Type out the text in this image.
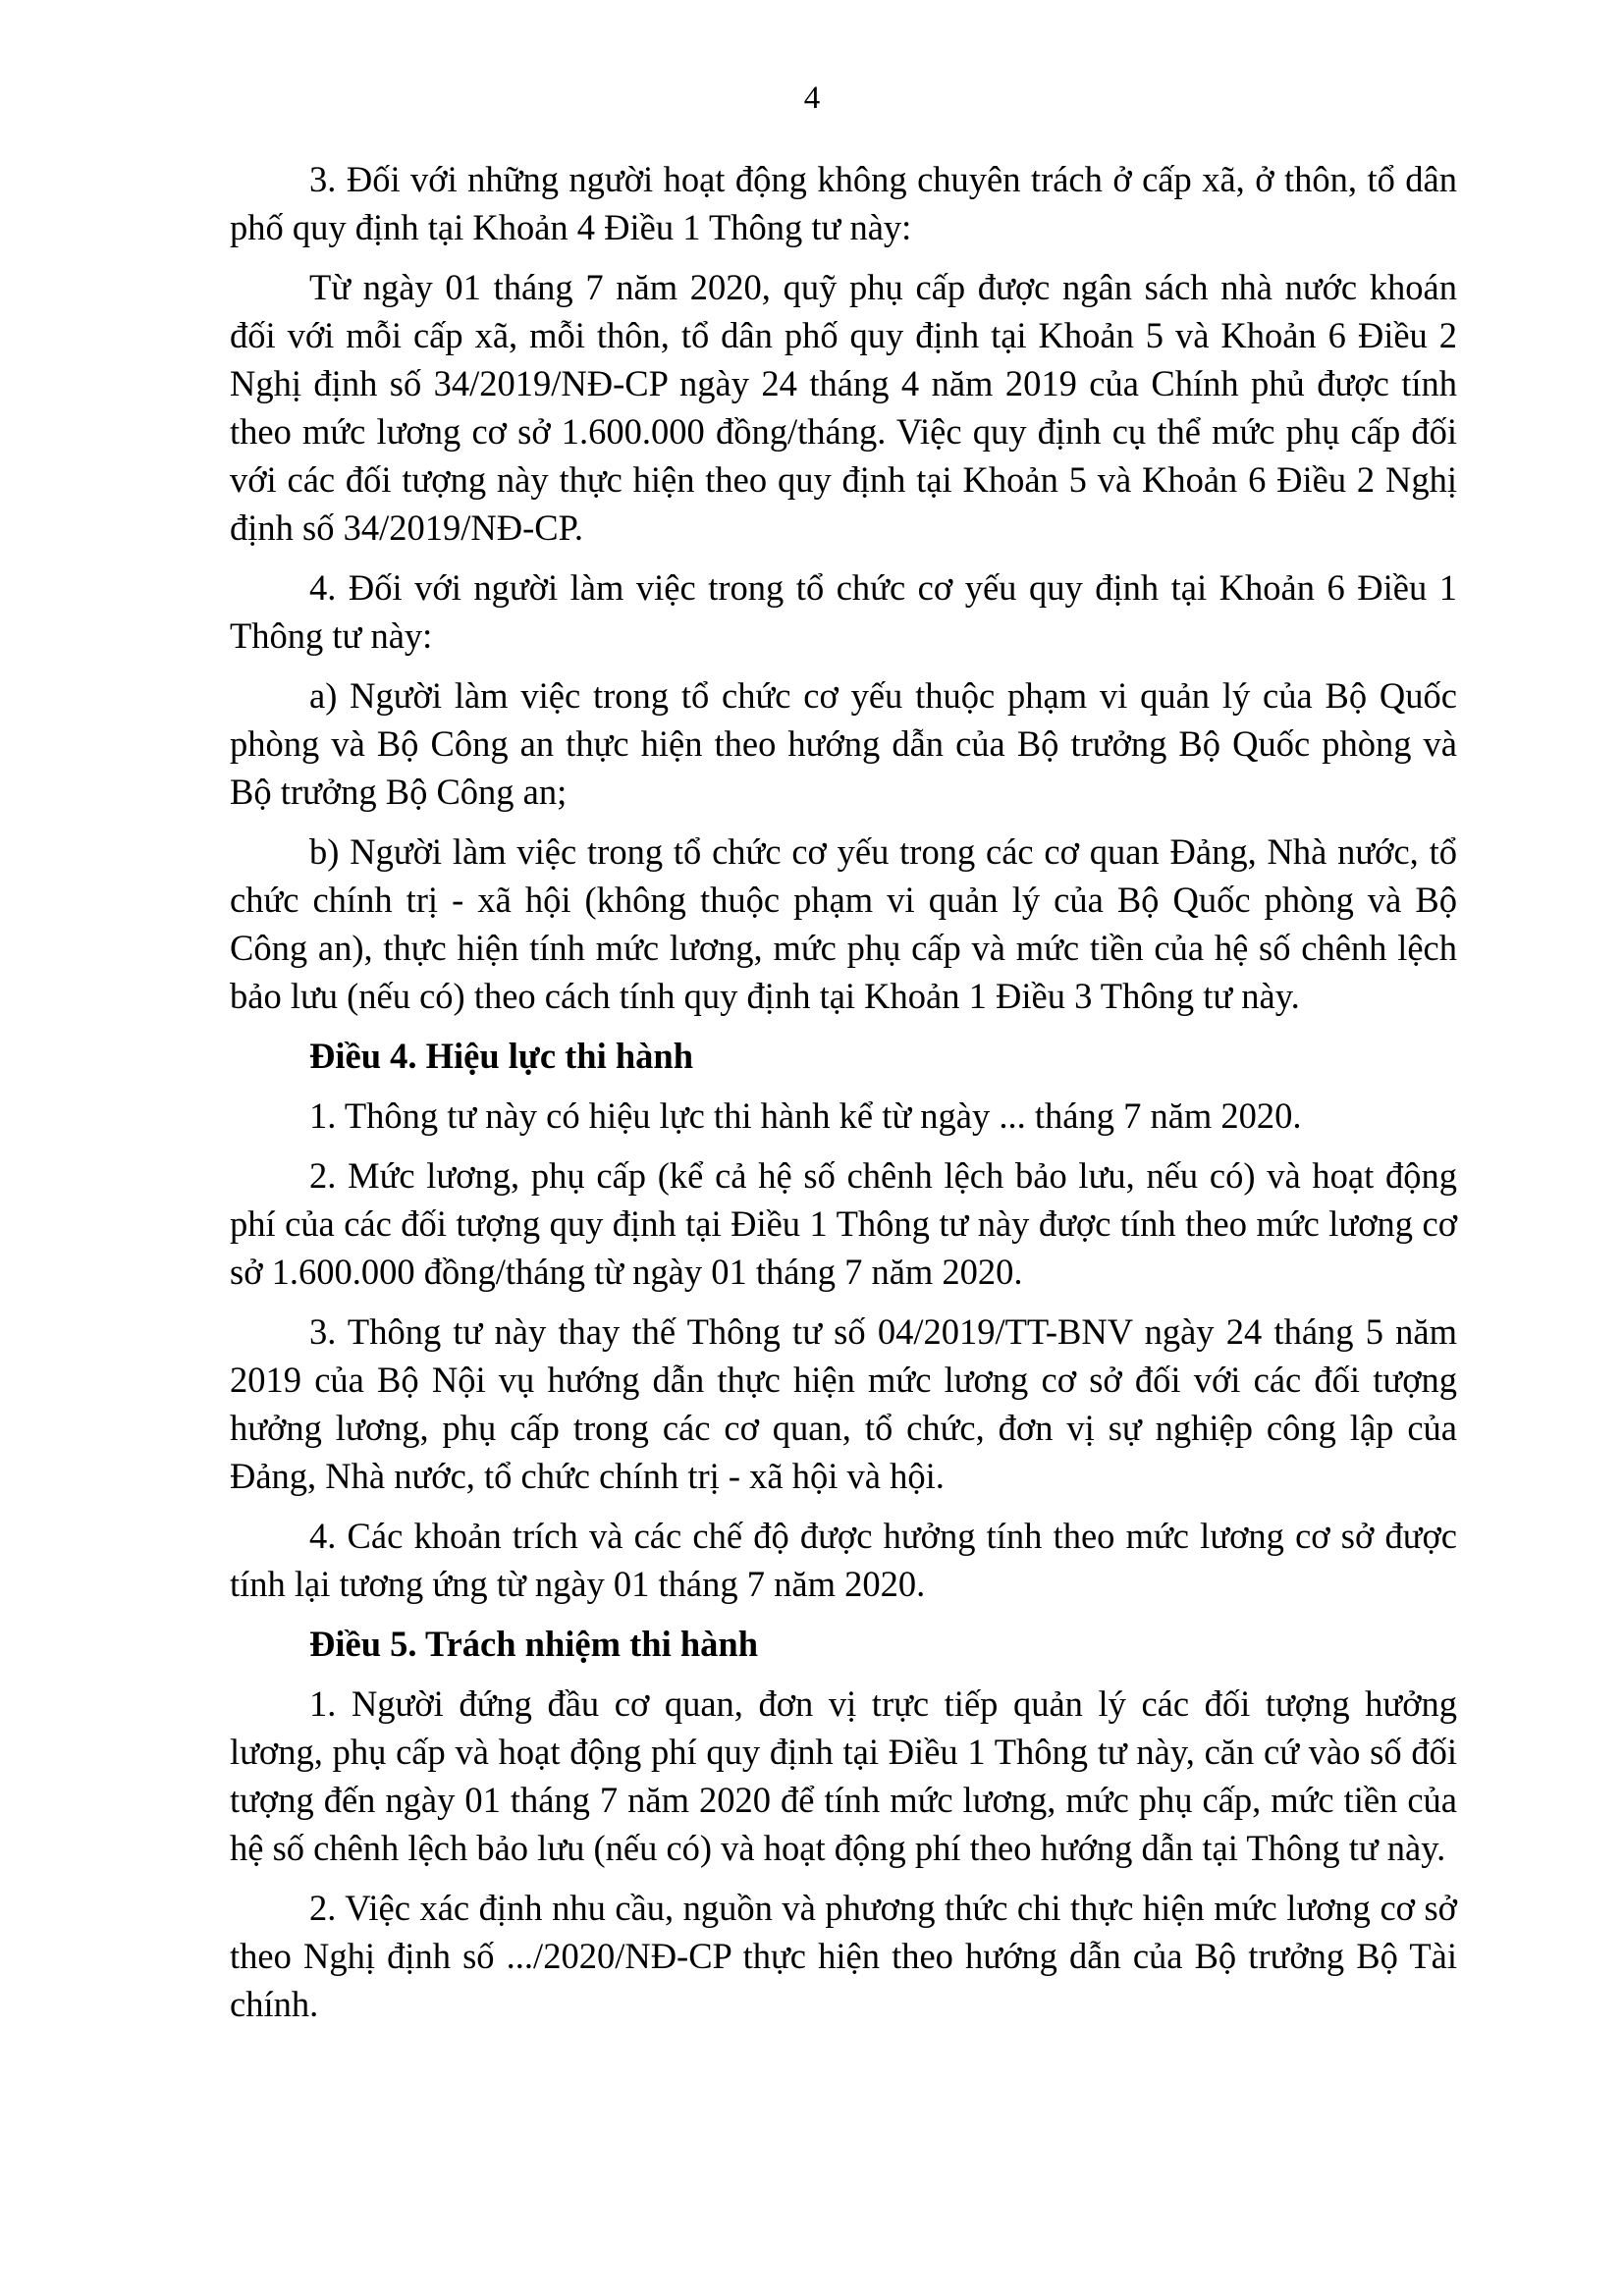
4

3. Đối với những người hoạt động không chuyên trách ở cấp xã, ở thôn, tổ dân phố quy định tại Khoản 4 Điều 1 Thông tư này:

Từ ngày 01 tháng 7 năm 2020, quỹ phụ cấp được ngân sách nhà nước khoán đối với mỗi cấp xã, mỗi thôn, tổ dân phố quy định tại Khoản 5 và Khoản 6 Điều 2 Nghị định số 34/2019/NĐ-CP ngày 24 tháng 4 năm 2019 của Chính phủ được tính theo mức lương cơ sở 1.600.000 đồng/tháng. Việc quy định cụ thể mức phụ cấp đối với các đối tượng này thực hiện theo quy định tại Khoản 5 và Khoản 6 Điều 2 Nghị định số 34/2019/NĐ-CP.

4. Đối với người làm việc trong tổ chức cơ yếu quy định tại Khoản 6 Điều 1 Thông tư này:

a) Người làm việc trong tổ chức cơ yếu thuộc phạm vi quản lý của Bộ Quốc phòng và Bộ Công an thực hiện theo hướng dẫn của Bộ trưởng Bộ Quốc phòng và Bộ trưởng Bộ Công an;

b) Người làm việc trong tổ chức cơ yếu trong các cơ quan Đảng, Nhà nước, tổ chức chính trị - xã hội (không thuộc phạm vi quản lý của Bộ Quốc phòng và Bộ Công an), thực hiện tính mức lương, mức phụ cấp và mức tiền của hệ số chênh lệch bảo lưu (nếu có) theo cách tính quy định tại Khoản 1 Điều 3 Thông tư này.

Điều 4. Hiệu lực thi hành

1. Thông tư này có hiệu lực thi hành kể từ ngày ... tháng 7 năm 2020.

2. Mức lương, phụ cấp (kể cả hệ số chênh lệch bảo lưu, nếu có) và hoạt động phí của các đối tượng quy định tại Điều 1 Thông tư này được tính theo mức lương cơ sở 1.600.000 đồng/tháng từ ngày 01 tháng 7 năm 2020.

3. Thông tư này thay thế Thông tư số 04/2019/TT-BNV ngày 24 tháng 5 năm 2019 của Bộ Nội vụ hướng dẫn thực hiện mức lương cơ sở đối với các đối tượng hưởng lương, phụ cấp trong các cơ quan, tổ chức, đơn vị sự nghiệp công lập của Đảng, Nhà nước, tổ chức chính trị - xã hội và hội.

4. Các khoản trích và các chế độ được hưởng tính theo mức lương cơ sở được tính lại tương ứng từ ngày 01 tháng 7 năm 2020.

Điều 5. Trách nhiệm thi hành

1. Người đứng đầu cơ quan, đơn vị trực tiếp quản lý các đối tượng hưởng lương, phụ cấp và hoạt động phí quy định tại Điều 1 Thông tư này, căn cứ vào số đối tượng đến ngày 01 tháng 7 năm 2020 để tính mức lương, mức phụ cấp, mức tiền của hệ số chênh lệch bảo lưu (nếu có) và hoạt động phí theo hướng dẫn tại Thông tư này.

2. Việc xác định nhu cầu, nguồn và phương thức chi thực hiện mức lương cơ sở theo Nghị định số .../2020/NĐ-CP thực hiện theo hướng dẫn của Bộ trưởng Bộ Tài chính.
